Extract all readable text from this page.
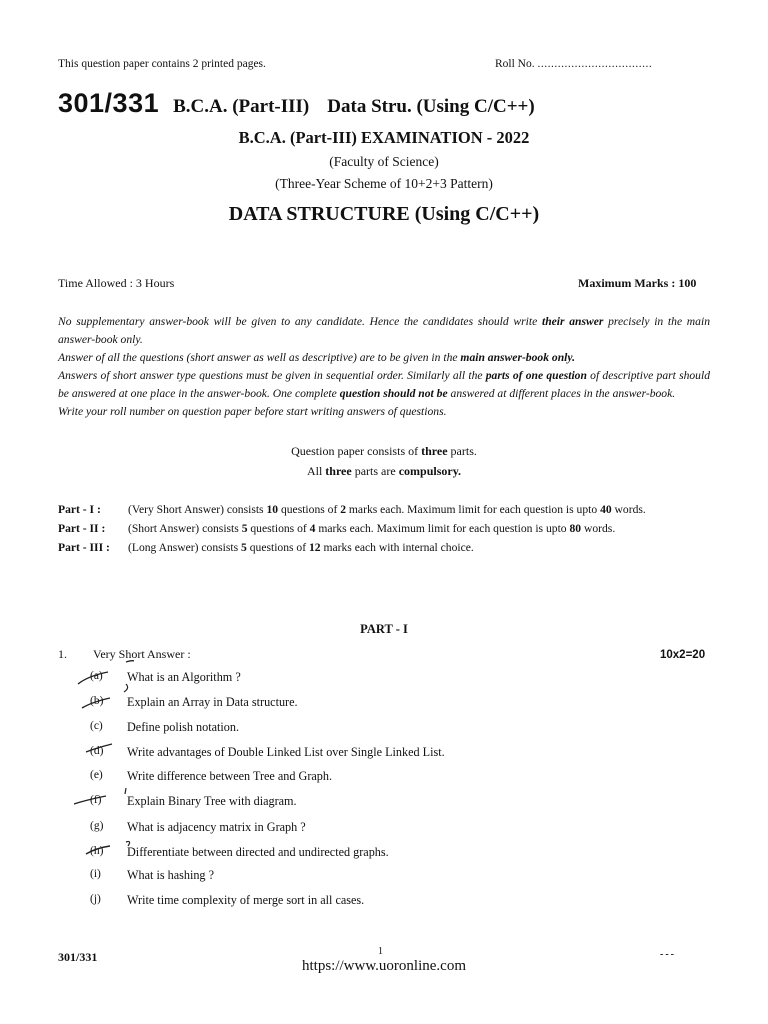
This question paper contains 2 printed pages.	Roll No. ..................................
301/331 B.C.A. (Part-III) Data Stru. (Using C/C++)
B.C.A. (Part-III) EXAMINATION - 2022
(Faculty of Science)
(Three-Year Scheme of 10+2+3 Pattern)
DATA STRUCTURE (Using C/C++)
Time Allowed : 3 Hours	Maximum Marks : 100

No supplementary answer-book will be given to any candidate. Hence the candidates should write their answer precisely in the main answer-book only.

Answer of all the questions (short answer as well as descriptive) are to be given in the main answer-book only.

Answers of short answer type questions must be given in sequential order. Similarly all the parts of one question of descriptive part should be answered at one place in the answer-book. One complete question should not be answered at different places in the answer-book.

Write your roll number on question paper before start writing answers of questions.

Question paper consists of three parts.
All three parts are compulsory.
Part - I :	(Very Short Answer) consists 10 questions of 2 marks each. Maximum limit for each question is upto 40 words.
Part - II :	(Short Answer) consists 5 questions of 4 marks each. Maximum limit for each question is upto 80 words.
Part - III :	(Long Answer) consists 5 questions of 12 marks each with internal choice.
PART - I
1. Very Short Answer :	10x2=20
(a) What is an Algorithm ?
(b) Explain an Array in Data structure.
(c) Define polish notation.
(d) Write advantages of Double Linked List over Single Linked List.
(e) Write difference between Tree and Graph.
(f) Explain Binary Tree with diagram.
(g) What is adjacency matrix in Graph ?
(h) Differentiate between directed and undirected graphs.
(i) What is hashing ?
(j) Write time complexity of merge sort in all cases.
301/331	1
https://www.uoronline.com
---
